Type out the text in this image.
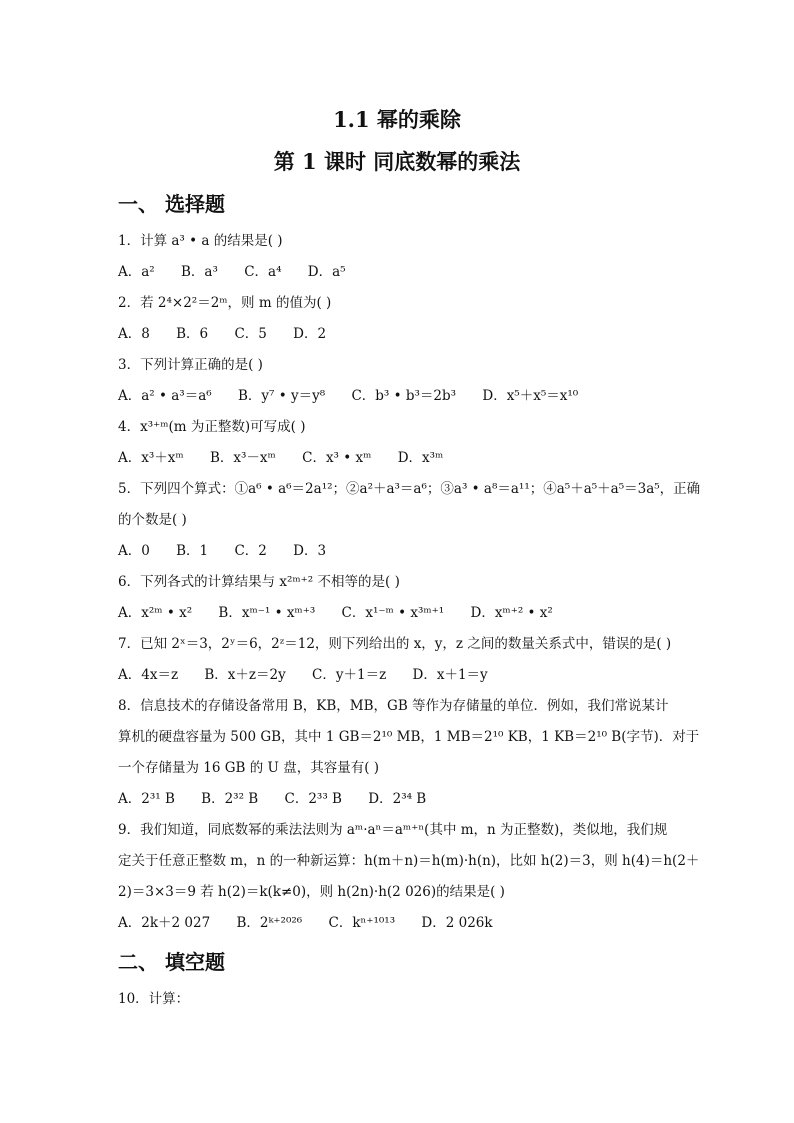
1.1 幂的乘除
第 1 课时 同底数幂的乘法
一、 选择题
1．计算 a³ • a 的结果是( )
A．a² B．a³ C．a⁴ D．a⁵
2．若 2⁴×2²＝2ᵐ，则 m 的值为( )
A．8 B．6 C．5 D．2
3．下列计算正确的是( )
A．a² • a³＝a⁶ B．y⁷ • y＝y⁸ C．b³ • b³＝2b³ D．x⁵＋x⁵＝x¹⁰
4．x³⁺ᵐ(m 为正整数)可写成( )
A．x³＋xᵐ B．x³－xᵐ C．x³ • xᵐ D．x³ᵐ
5．下列四个算式：①a⁶ • a⁶＝2a¹²；②a²＋a³＝a⁶；③a³ • a⁸＝a¹¹；④a⁵＋a⁵＋a⁵＝3a⁵，正确
的个数是( )
A．0 B．1 C．2 D．3
6．下列各式的计算结果与 x²ᵐ⁺² 不相等的是( )
A．x²ᵐ • x² B．xᵐ⁻¹ • xᵐ⁺³ C．x¹⁻ᵐ • x³ᵐ⁺¹ D．xᵐ⁺² • x²
7．已知 2ˣ＝3，2ʸ＝6，2ᶻ＝12，则下列给出的 x，y，z 之间的数量关系式中，错误的是( )
A．4x＝z B．x＋z＝2y C．y＋1＝z D．x＋1＝y
8．信息技术的存储设备常用 B，KB，MB，GB 等作为存储量的单位．例如，我们常说某计
算机的硬盘容量为 500 GB，其中 1 GB＝2¹⁰ MB，1 MB＝2¹⁰ KB，1 KB＝2¹⁰ B(字节)．对于
一个存储量为 16 GB 的 U 盘，其容量有( )
A．2³¹ B B．2³² B C．2³³ B D．2³⁴ B
9．我们知道，同底数幂的乘法法则为 aᵐ·aⁿ＝aᵐ⁺ⁿ(其中 m，n 为正整数)，类似地，我们规
定关于任意正整数 m，n 的一种新运算：h(m＋n)＝h(m)·h(n)，比如 h(2)＝3，则 h(4)＝h(2＋
2)＝3×3＝9 若 h(2)＝k(k≠0)，则 h(2n)·h(2 026)的结果是( )
A．2k＋2 027 B．2ᵏ⁺²⁰²⁶ C．kⁿ⁺¹⁰¹³ D．2 026k
二、 填空题
10．计算：
